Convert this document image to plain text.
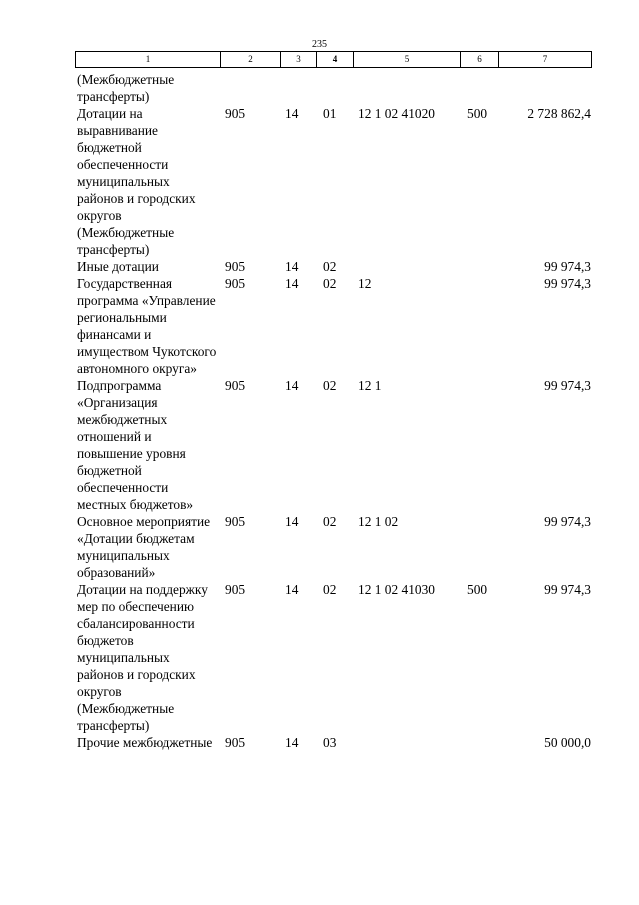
235
1	2	3	4	5	6	7
(Межбюджетные трансферты)						
Дотации на выравнивание бюджетной обеспеченности муниципальных районов и городских округов (Межбюджетные трансферты)	905	14	01	12 1 02 41020	500	2 728 862,4
Иные дотации	905	14	02			99 974,3
Государственная программа «Управление региональными финансами и имуществом Чукотского автономного округа»	905	14	02	12		99 974,3
Подпрограмма «Организация межбюджетных отношений и повышение уровня бюджетной обеспеченности местных бюджетов»	905	14	02	12 1		99 974,3
Основное мероприятие «Дотации бюджетам муниципальных образований»	905	14	02	12 1 02		99 974,3
Дотации на поддержку мер по обеспечению сбалансированности бюджетов муниципальных районов и городских округов (Межбюджетные трансферты)	905	14	02	12 1 02 41030	500	99 974,3
Прочие межбюджетные	905	14	03			50 000,0
